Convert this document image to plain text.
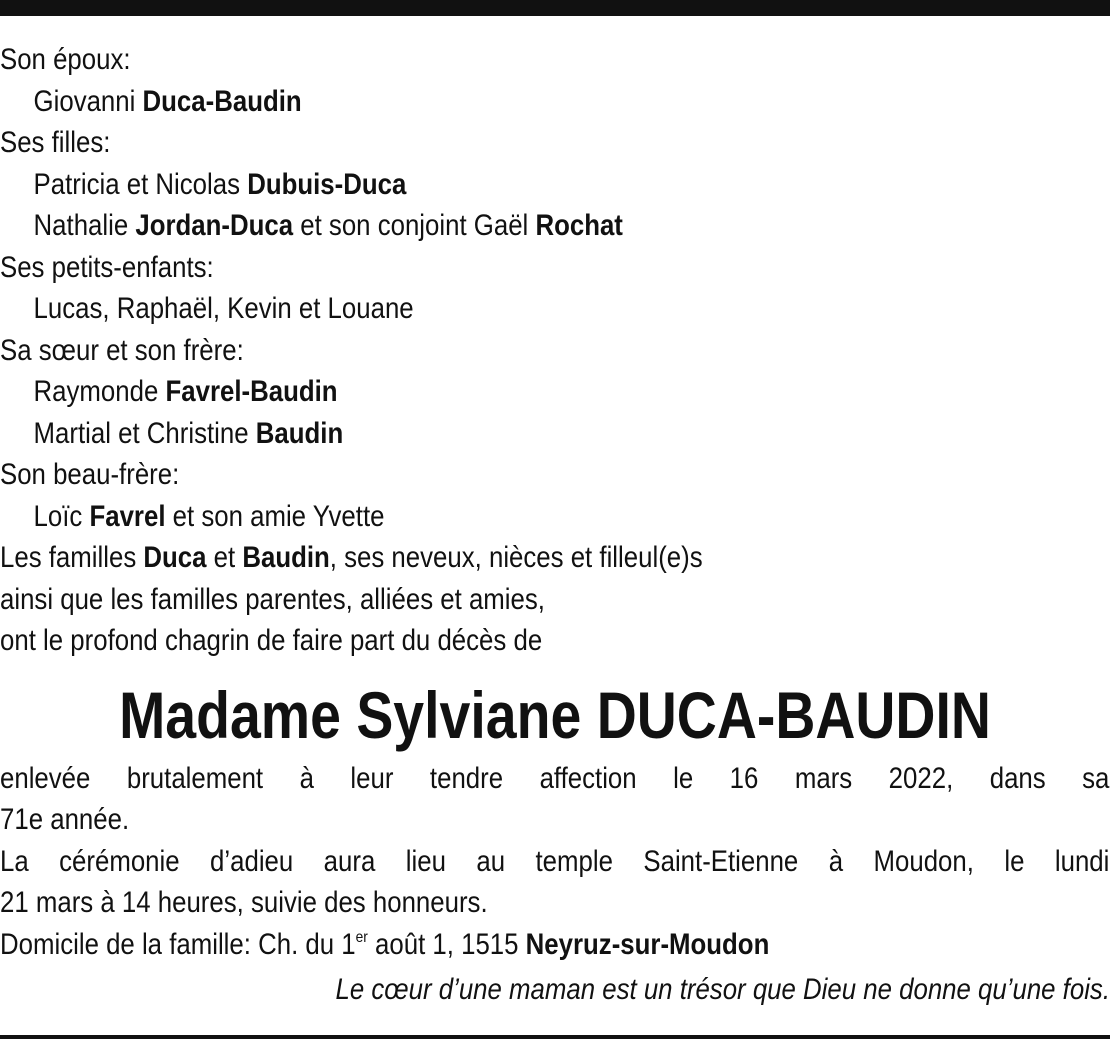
Son époux:
Giovanni Duca-Baudin
Ses filles:
Patricia et Nicolas Dubuis-Duca
Nathalie Jordan-Duca et son conjoint Gaël Rochat
Ses petits-enfants:
Lucas, Raphaël, Kevin et Louane
Sa sœur et son frère:
Raymonde Favrel-Baudin
Martial et Christine Baudin
Son beau-frère:
Loïc Favrel et son amie Yvette
Les familles Duca et Baudin, ses neveux, nièces et filleul(e)s
ainsi que les familles parentes, alliées et amies,
ont le profond chagrin de faire part du décès de
Madame Sylviane DUCA-BAUDIN
enlevée brutalement à leur tendre affection le 16 mars 2022, dans sa
71e année.
La cérémonie d’adieu aura lieu au temple Saint-Etienne à Moudon, le lundi
21 mars à 14 heures, suivie des honneurs.
Domicile de la famille: Ch. du 1er août 1, 1515 Neyruz-sur-Moudon
Le cœur d’une maman est un trésor que Dieu ne donne qu’une fois.
